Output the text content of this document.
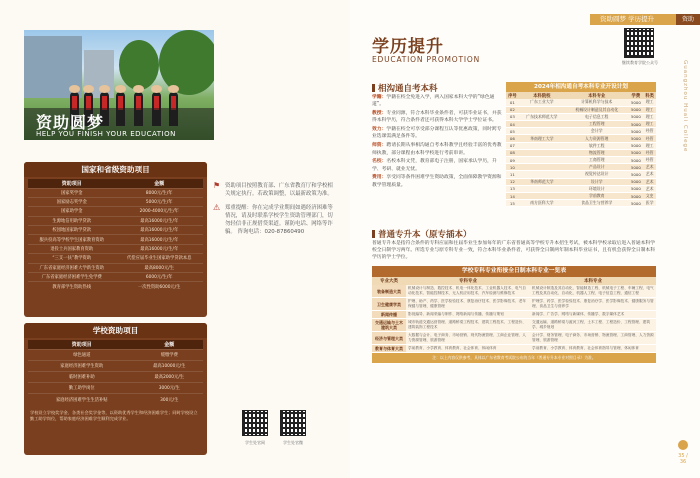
资助圆梦
HELP YOU FINISH YOUR EDUCATION
⚑ 资助项目按照教育部、广东省教育厅和学校相关规定执行。若政策调整，以最新政策为准。
⚠ 郑重提醒：你在完成学业期间如遇经济困难等情况，请及时联系学校学生资助管理部门，切勿轻信非正规借贷渠道。谨防电话、网络等诈骗。 咨询电话：020-87860490
国家和省级资助项目
资助项目	金额
国家奖学金	8000元/生/年
国家励志奖学金	5000元/生/年
国家助学金	2000-4000元/生/年
生源地信用助学贷款	最高16000元/生/年
校园地国家助学贷款	最高16000元/生/年
服兵役高等学校学生国家教育资助	最高16000元/生/年
退役士兵国家教育资助	最高16000元/生/年
“三支一扶”教学资助	代偿应届毕业生国家助学贷款本息
广东省家庭经济困难大学新生资助	最高8000元/生
广东省家庭经济困难学生免学费	6000元/生/年
教育部学生资助热线	一次性资助6000元/生
学校资助项目
资助项目	金额
绿色通道	缓缴学费
家庭经济困难学生资助	最高10000元/生
临时困难补助	最高2000元/生
勤工助学岗位	3000元/生
家庭经济困难学生生活补贴	300元/生
学校设立学校奖学金、各类社会奖学金等，以资助优秀学生和经济困难学生；同时学校设立勤工助学岗位，帮助家庭经济困难学生顺利完成学业。
学生处官网	学生处官微
资助圆梦 学历提升	资助
学历提升
EDUCATION PROMOTION	继续教育学院公众号
相沟通自考本科
学籍：学籍在校全免进入学，两入国家本科大学的“绿色通道”。
教授：专业同源，符合本科毕业条件者，可获毕业证书，并获得本科学历，符合条件者还可获得本科大学学士学位证书。
效力：学籍在校全可享受部分课程互认等优惠政策，同时跨专业选课需满足条件等。
师资：聘请长期从事相沟通自考本科教学且经验丰富的优秀教师执教，部分课程由本科学校进行考前串讲。
名校：名校本科文凭，教育部电子注册，国家承认学历，升学、考研、就业无忧。
费用：享受同等条件困难学生资助政策，全面保障教学资源和教学管理质量。
2024年相沟通自考本科专业开设计划
序号	本科院校	本科专业	学费	科类
01	广东工业大学	计算机科学与技术	5000	理工
02		机械设计制造及其自动化	5000	理工
03	广东技术师范大学	电子信息工程	5000	理工
04		工程管理	5000	理工
05		会计学	5000	经管
06	华南理工大学	人力资源管理	5000	经管
07		软件工程	5000	理工
08		物流管理	5000	经管
09		工商管理	5000	经管
10		产品设计	5000	艺术
11		视觉传达设计	5000	艺术
12	华南师范大学	设计学	5000	艺术
13		环境设计	5000	艺术
14		学前教育	5000	文史
15	南方医科大学	食品卫生与营养学	5000	医学
普通专升本（原专插本）
普通专升本是指符合条件的专科应届和往届毕业生参加每年的广东省普通高等学校专升本招生考试，被本科学校录取后进入普通本科学校全日制学习两年。所选专业与原专科专业一致，符合本科毕业条件者，可获得全日制两年制本科毕业证书，且有机会获得全日制本科学历的学士学位。
学校专科专业衔接全日制本科专业一览表
专业大类	专科专业	本科专业
装备制造大类	机械设计与制造、数控技术、机电一体化技术、工业机器人技术、电气自动化技术、智能控制技术、无人机应用技术、汽车检测与维修技术	机械设计制造及其自动化、智能制造工程、机械电子工程、车辆工程、电气工程及其自动化、自动化、机器人工程、电子信息工程、通信工程
卫生健康学类	护理、助产、药学、医学检验技术、康复治疗技术、医学影像技术、老年保健与管理、健康管理	护理学、药学、医学检验技术、康复治疗学、医学影像技术、健康服务与管理、食品卫生与营养学
新闻传播	影视编导、新闻采编与制作、网络新闻与传播、传播与策划	新闻学、广告学、网络与新媒体、传播学、数字媒体艺术
交通运输与土木建筑大类	城市轨道交通运营管理、道路桥梁工程技术、建筑工程技术、工程造价、建筑装饰工程技术	交通运输、道路桥梁与渡河工程、土木工程、工程造价、工程管理、建筑学、城乡规划
经济与管理大类	大数据与会计、电子商务、市场营销、现代物流管理、工商企业管理、人力资源管理、旅游管理	会计学、财务管理、电子商务、市场营销、物流管理、工商管理、人力资源管理、旅游管理
教育与体育大类	学前教育、小学教育、体育教育、社会体育、休闲体育	学前教育、小学教育、体育教育、社会体育指导与管理、休闲体育
注：以上内容仅供参考，具体以广东省教育考试院公布的当年《普通专升本专业对照目录》为准。		
Guangzhou Huali College
35 / 36
